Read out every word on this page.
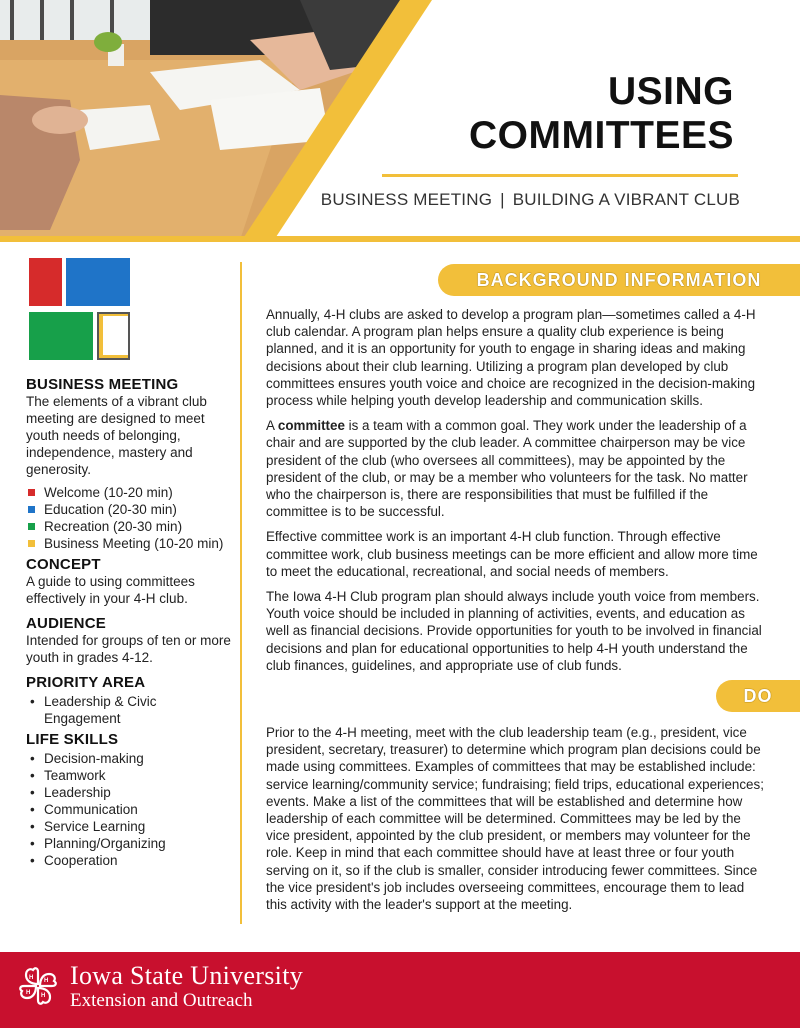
USING
COMMITTEES
BUSINESS MEETING | BUILDING A VIBRANT CLUB
BUSINESS MEETING

The elements of a vibrant club meeting are designed to meet youth needs of belonging, independence, mastery and generosity.

Welcome (10-20 min)
Education (20-30 min)
Recreation (20-30 min)
Business Meeting (10-20 min)
CONCEPT

A guide to using committees effectively in your 4-H club.

AUDIENCE

Intended for groups of ten or more youth in grades 4-12.

PRIORITY AREA
• Leadership & Civic Engagement
LIFE SKILLS
• Decision-making
• Teamwork
• Leadership
• Communication
• Service Learning
• Planning/Organizing
• Cooperation
BACKGROUND INFORMATION

Annually, 4-H clubs are asked to develop a program plan—sometimes called a 4-H club calendar. A program plan helps ensure a quality club experience is being planned, and it is an opportunity for youth to engage in sharing ideas and making decisions about their club learning. Utilizing a program plan developed by club committees ensures youth voice and choice are recognized in the decision-making process while helping youth develop leadership and communication skills.

A committee is a team with a common goal. They work under the leadership of a chair and are supported by the club leader. A committee chairperson may be vice president of the club (who oversees all committees), may be appointed by the president of the club, or may be a member who volunteers for the task. No matter who the chairperson is, there are responsibilities that must be fulfilled if the committee is to be successful.

Effective committee work is an important 4-H club function. Through effective committee work, club business meetings can be more efficient and allow more time to meet the educational, recreational, and social needs of members.

The Iowa 4-H Club program plan should always include youth voice from members. Youth voice should be included in planning of activities, events, and education as well as financial decisions. Provide opportunities for youth to be involved in financial decisions and plan for educational opportunities to help 4-H youth understand the club finances, guidelines, and appropriate use of club funds.

DO

Prior to the 4-H meeting, meet with the club leadership team (e.g., president, vice president, secretary, treasurer) to determine which program plan decisions could be made using committees. Examples of committees that may be established include: service learning/community service; fundraising; field trips, educational experiences; events. Make a list of the committees that will be established and determine how leadership of each committee will be determined. Committees may be led by the vice president, appointed by the club president, or members may volunteer for the role. Keep in mind that each committee should have at least three or four youth serving on it, so if the club is smaller, consider introducing fewer committees. Since the vice president's job includes overseeing committees, encourage them to lead this activity with the leader's support at the meeting.

H H
H
H
Iowa State University
Extension and Outreach
